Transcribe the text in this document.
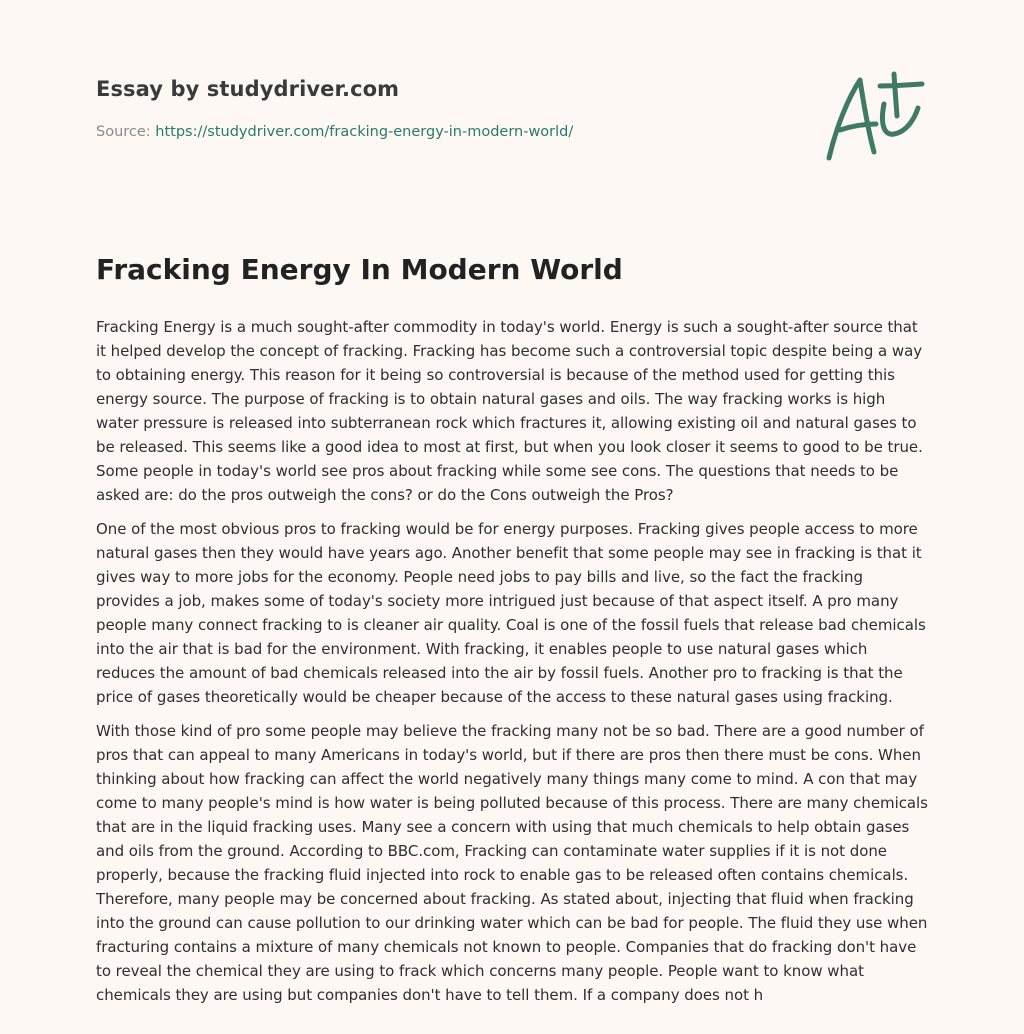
Essay by studydriver.com
Source: https://studydriver.com/fracking-energy-in-modern-world/
Fracking Energy In Modern World

Fracking Energy is a much sought-after commodity in today's world. Energy is such a sought-after source that it helped develop the concept of fracking. Fracking has become such a controversial topic despite being a way to obtaining energy. This reason for it being so controversial is because of the method used for getting this energy source. The purpose of fracking is to obtain natural gases and oils. The way fracking works is high water pressure is released into subterranean rock which fractures it, allowing existing oil and natural gases to be released. This seems like a good idea to most at first, but when you look closer it seems to good to be true. Some people in today's world see pros about fracking while some see cons. The questions that needs to be asked are: do the pros outweigh the cons? or do the Cons outweigh the Pros?

One of the most obvious pros to fracking would be for energy purposes. Fracking gives people access to more natural gases then they would have years ago. Another benefit that some people may see in fracking is that it gives way to more jobs for the economy. People need jobs to pay bills and live, so the fact the fracking provides a job, makes some of today's society more intrigued just because of that aspect itself. A pro many people many connect fracking to is cleaner air quality. Coal is one of the fossil fuels that release bad chemicals into the air that is bad for the environment. With fracking, it enables people to use natural gases which reduces the amount of bad chemicals released into the air by fossil fuels. Another pro to fracking is that the price of gases theoretically would be cheaper because of the access to these natural gases using fracking.

With those kind of pro some people may believe the fracking many not be so bad. There are a good number of pros that can appeal to many Americans in today's world, but if there are pros then there must be cons. When thinking about how fracking can affect the world negatively many things many come to mind. A con that may come to many people's mind is how water is being polluted because of this process. There are many chemicals that are in the liquid fracking uses. Many see a concern with using that much chemicals to help obtain gases and oils from the ground. According to BBC.com, Fracking can contaminate water supplies if it is not done properly, because the fracking fluid injected into rock to enable gas to be released often contains chemicals. Therefore, many people may be concerned about fracking. As stated about, injecting that fluid when fracking into the ground can cause pollution to our drinking water which can be bad for people. The fluid they use when fracturing contains a mixture of many chemicals not known to people. Companies that do fracking don't have to reveal the chemical they are using to frack which concerns many people. People want to know what chemicals they are using but companies don't have to tell them. If a company does not h
